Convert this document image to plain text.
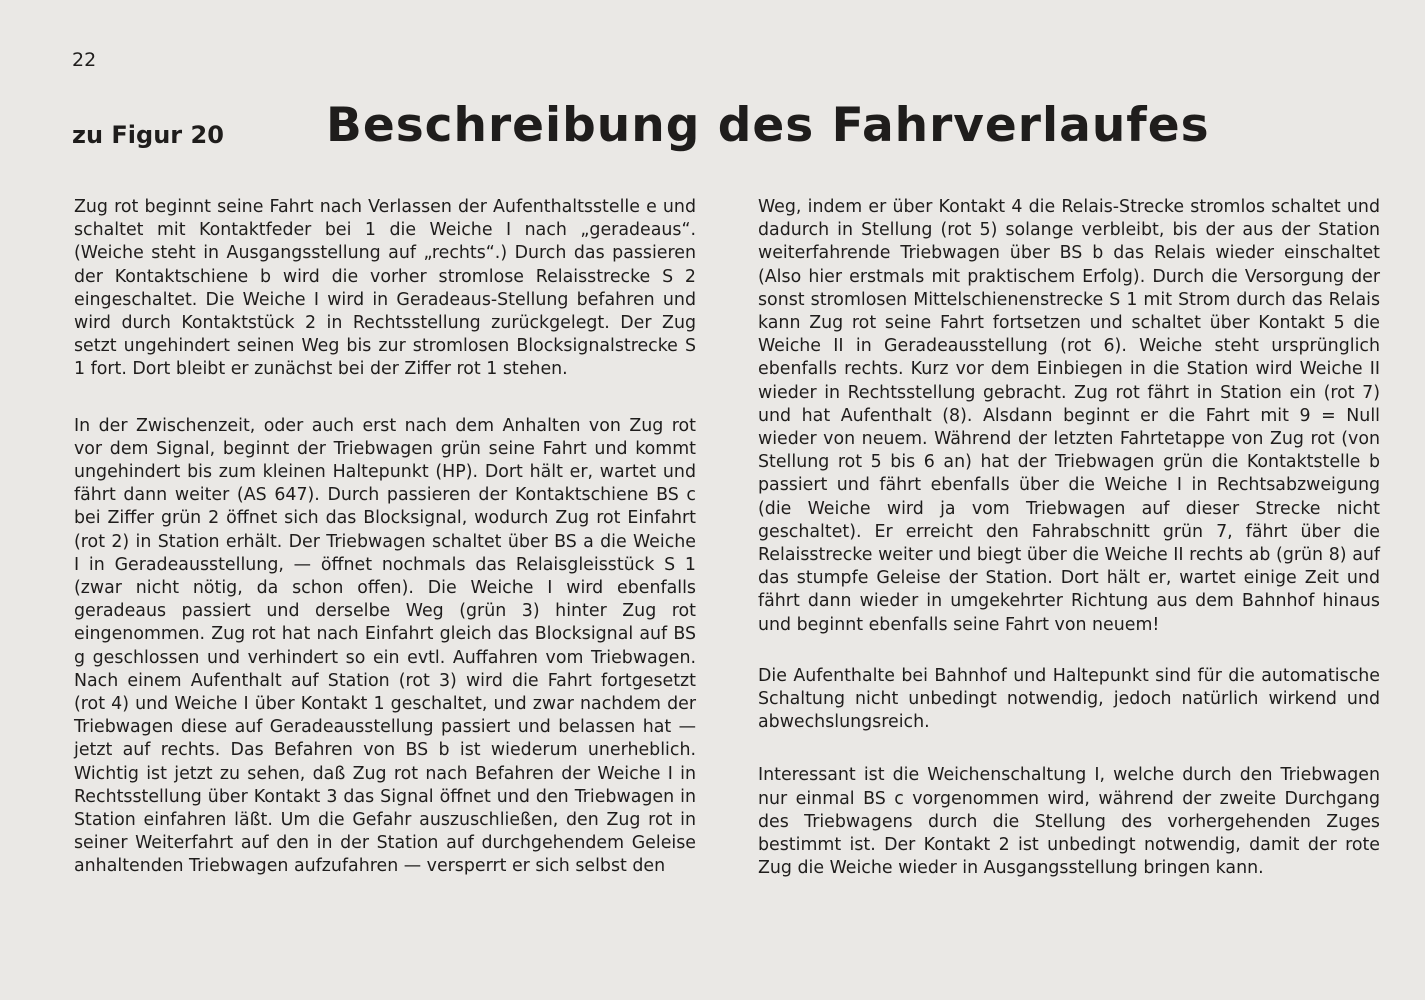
22
zu Figur 20 Beschreibung des Fahrverlaufes

Zug rot beginnt seine Fahrt nach Verlassen der Aufenthaltsstelle e und schaltet mit Kontaktfeder bei 1 die Weiche I nach „geradeaus“. (Weiche steht in Ausgangsstellung auf „rechts“.) Durch das passieren der Kontaktschiene b wird die vorher stromlose Relaisstrecke S 2 eingeschaltet. Die Weiche I wird in Geradeaus-Stellung befahren und wird durch Kontaktstück 2 in Rechtsstellung zurückgelegt. Der Zug setzt ungehindert seinen Weg bis zur stromlosen Blocksignalstrecke S 1 fort. Dort bleibt er zunächst bei der Ziffer rot 1 stehen.

In der Zwischenzeit, oder auch erst nach dem Anhalten von Zug rot vor dem Signal, beginnt der Triebwagen grün seine Fahrt und kommt ungehindert bis zum kleinen Haltepunkt (HP). Dort hält er, wartet und fährt dann weiter (AS 647). Durch passieren der Kontaktschiene BS c bei Ziffer grün 2 öffnet sich das Blocksignal, wodurch Zug rot Einfahrt (rot 2) in Station erhält. Der Triebwagen schaltet über BS a die Weiche I in Geradeausstellung, — öffnet nochmals das Relaisgleisstück S 1 (zwar nicht nötig, da schon offen). Die Weiche I wird ebenfalls geradeaus passiert und derselbe Weg (grün 3) hinter Zug rot eingenommen. Zug rot hat nach Einfahrt gleich das Blocksignal auf BS g geschlossen und verhindert so ein evtl. Auffahren vom Triebwagen. Nach einem Aufenthalt auf Station (rot 3) wird die Fahrt fortgesetzt (rot 4) und Weiche I über Kontakt 1 geschaltet, und zwar nachdem der Triebwagen diese auf Geradeausstellung passiert und belassen hat — jetzt auf rechts. Das Befahren von BS b ist wiederum unerheblich. Wichtig ist jetzt zu sehen, daß Zug rot nach Befahren der Weiche I in Rechtsstellung über Kontakt 3 das Signal öffnet und den Triebwagen in Station einfahren läßt. Um die Gefahr auszuschließen, den Zug rot in seiner Weiterfahrt auf den in der Station auf durchgehendem Geleise anhaltenden Triebwagen aufzufahren — versperrt er sich selbst den

Weg, indem er über Kontakt 4 die Relais-Strecke stromlos schaltet und dadurch in Stellung (rot 5) solange verbleibt, bis der aus der Station weiterfahrende Triebwagen über BS b das Relais wieder einschaltet (Also hier erstmals mit praktischem Erfolg). Durch die Versorgung der sonst stromlosen Mittelschienenstrecke S 1 mit Strom durch das Relais kann Zug rot seine Fahrt fortsetzen und schaltet über Kontakt 5 die Weiche II in Geradeausstellung (rot 6). Weiche steht ursprünglich ebenfalls rechts. Kurz vor dem Einbiegen in die Station wird Weiche II wieder in Rechtsstellung gebracht. Zug rot fährt in Station ein (rot 7) und hat Aufenthalt (8). Alsdann beginnt er die Fahrt mit 9 = Null wieder von neuem. Während der letzten Fahrtetappe von Zug rot (von Stellung rot 5 bis 6 an) hat der Triebwagen grün die Kontaktstelle b passiert und fährt ebenfalls über die Weiche I in Rechtsabzweigung (die Weiche wird ja vom Triebwagen auf dieser Strecke nicht geschaltet). Er erreicht den Fahrabschnitt grün 7, fährt über die Relaisstrecke weiter und biegt über die Weiche II rechts ab (grün 8) auf das stumpfe Geleise der Station. Dort hält er, wartet einige Zeit und fährt dann wieder in umgekehrter Richtung aus dem Bahnhof hinaus und beginnt ebenfalls seine Fahrt von neuem!

Die Aufenthalte bei Bahnhof und Haltepunkt sind für die automatische Schaltung nicht unbedingt notwendig, jedoch natürlich wirkend und abwechslungsreich.

Interessant ist die Weichenschaltung I, welche durch den Triebwagen nur einmal BS c vorgenommen wird, während der zweite Durchgang des Triebwagens durch die Stellung des vorhergehenden Zuges bestimmt ist. Der Kontakt 2 ist unbedingt notwendig, damit der rote Zug die Weiche wieder in Ausgangsstellung bringen kann.
